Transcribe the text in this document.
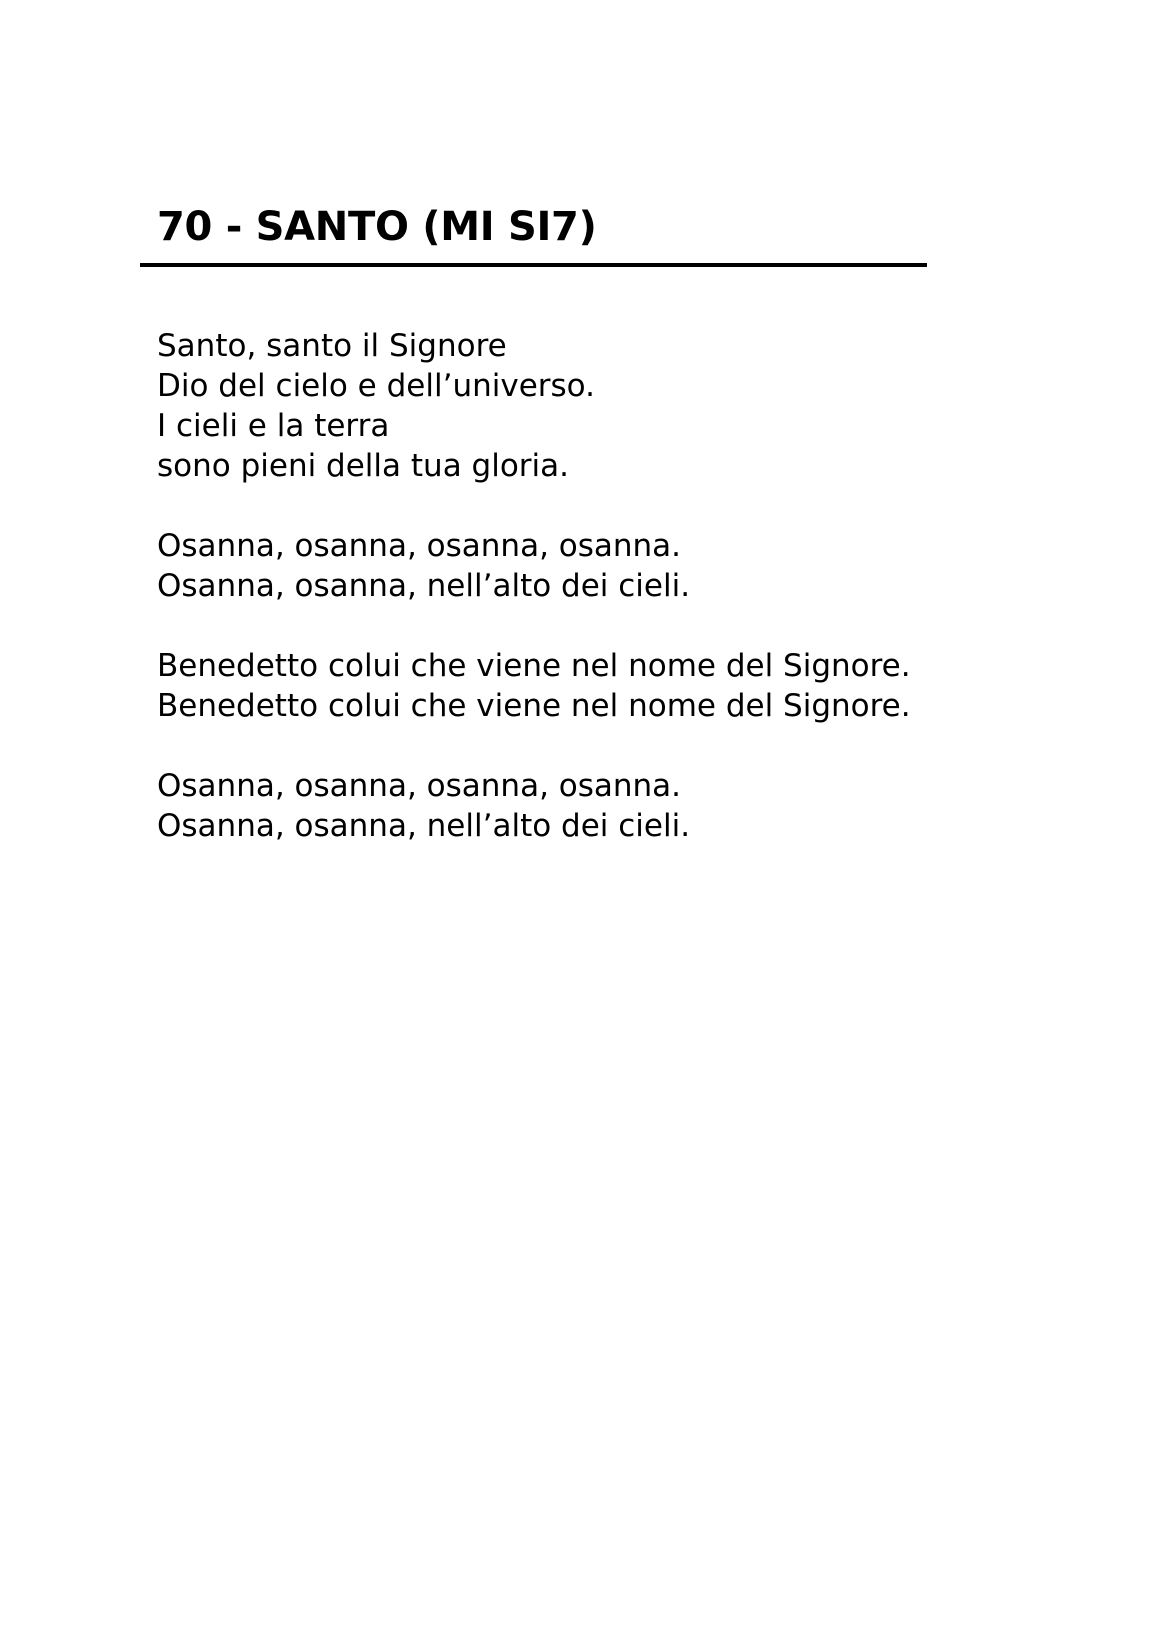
70 - SANTO (MI SI7)
Santo, santo il Signore
Dio del cielo e dell’universo.
I cieli e la terra
sono pieni della tua gloria.
Osanna, osanna, osanna, osanna.
Osanna, osanna, nell’alto dei cieli.
Benedetto colui che viene nel nome del Signore.
Benedetto colui che viene nel nome del Signore.
Osanna, osanna, osanna, osanna.
Osanna, osanna, nell’alto dei cieli.
